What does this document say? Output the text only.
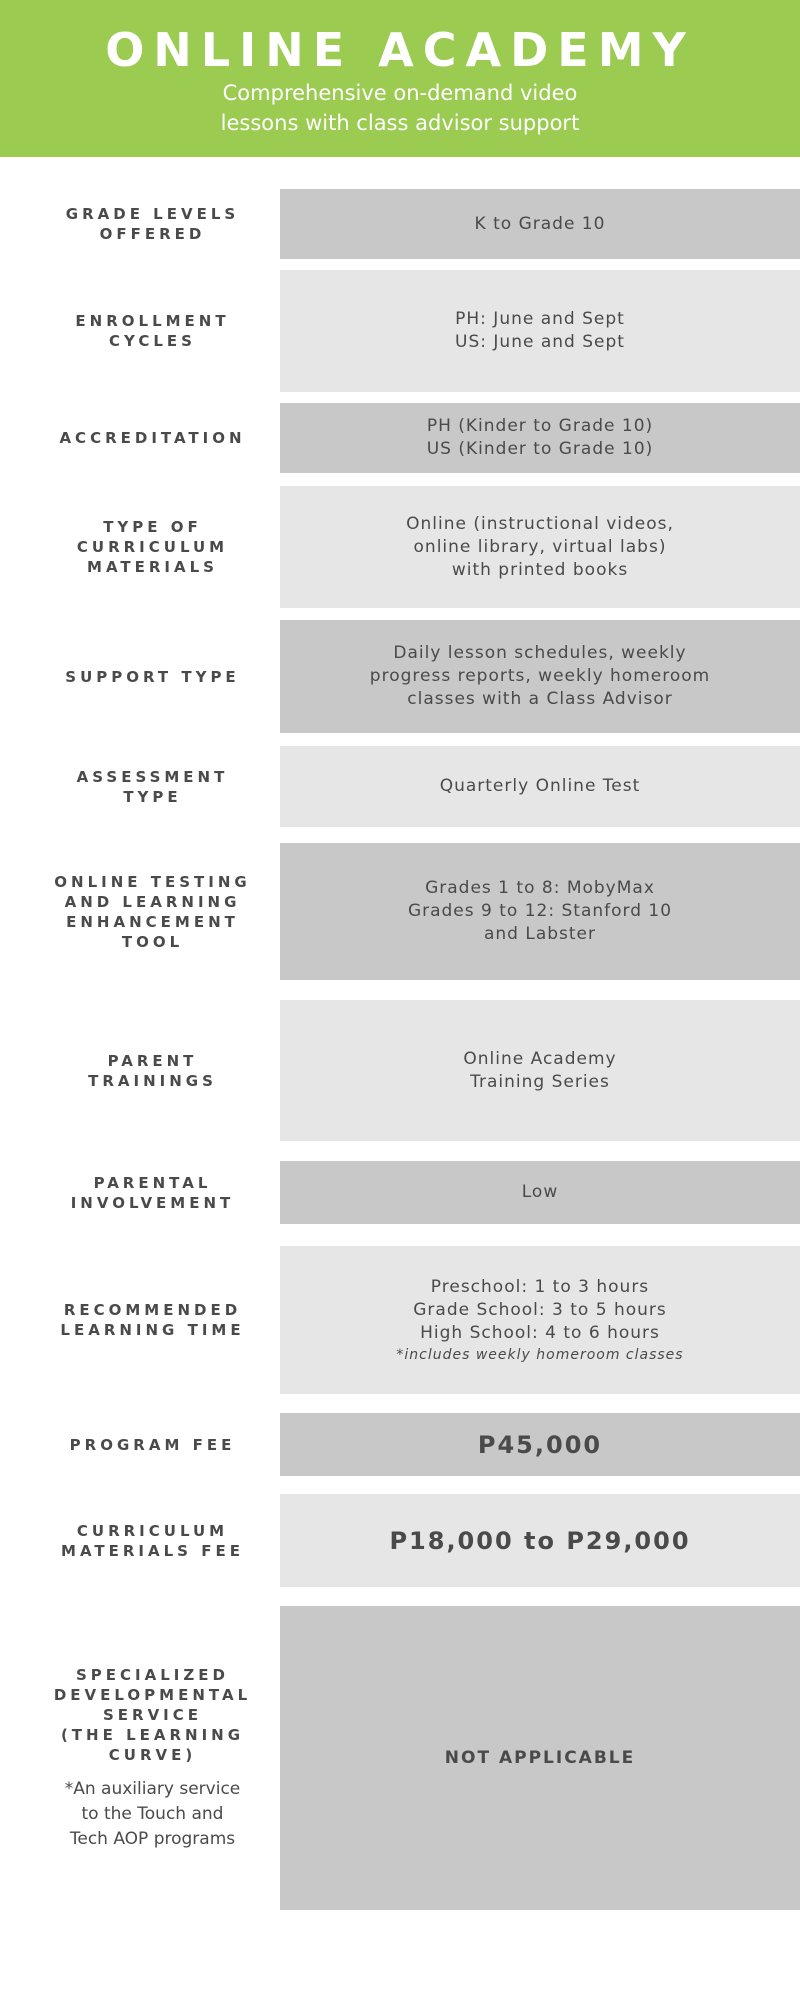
ONLINE ACADEMY
Comprehensive on-demand video
lessons with class advisor support
GRADE LEVELS
OFFERED
K to Grade 10
ENROLLMENT
CYCLES
PH: June and Sept
US: June and Sept
ACCREDITATION
PH (Kinder to Grade 10)
US (Kinder to Grade 10)
TYPE OF
CURRICULUM
MATERIALS
Online (instructional videos,
online library, virtual labs)
with printed books
SUPPORT TYPE
Daily lesson schedules, weekly
progress reports, weekly homeroom
classes with a Class Advisor
ASSESSMENT
TYPE
Quarterly Online Test
ONLINE TESTING
AND LEARNING
ENHANCEMENT
TOOL
Grades 1 to 8: MobyMax
Grades 9 to 12: Stanford 10
and Labster
PARENT
TRAININGS
Online Academy
Training Series
PARENTAL
INVOLVEMENT
Low
RECOMMENDED
LEARNING TIME
Preschool: 1 to 3 hours
Grade School: 3 to 5 hours
High School: 4 to 6 hours
*includes weekly homeroom classes
PROGRAM FEE	P45,000
CURRICULUM
MATERIALS FEE	P18,000 to P29,000
SPECIALIZED
DEVELOPMENTAL
SERVICE
(THE LEARNING
CURVE)
*An auxiliary service
to the Touch and
Tech AOP programs
NOT APPLICABLE
